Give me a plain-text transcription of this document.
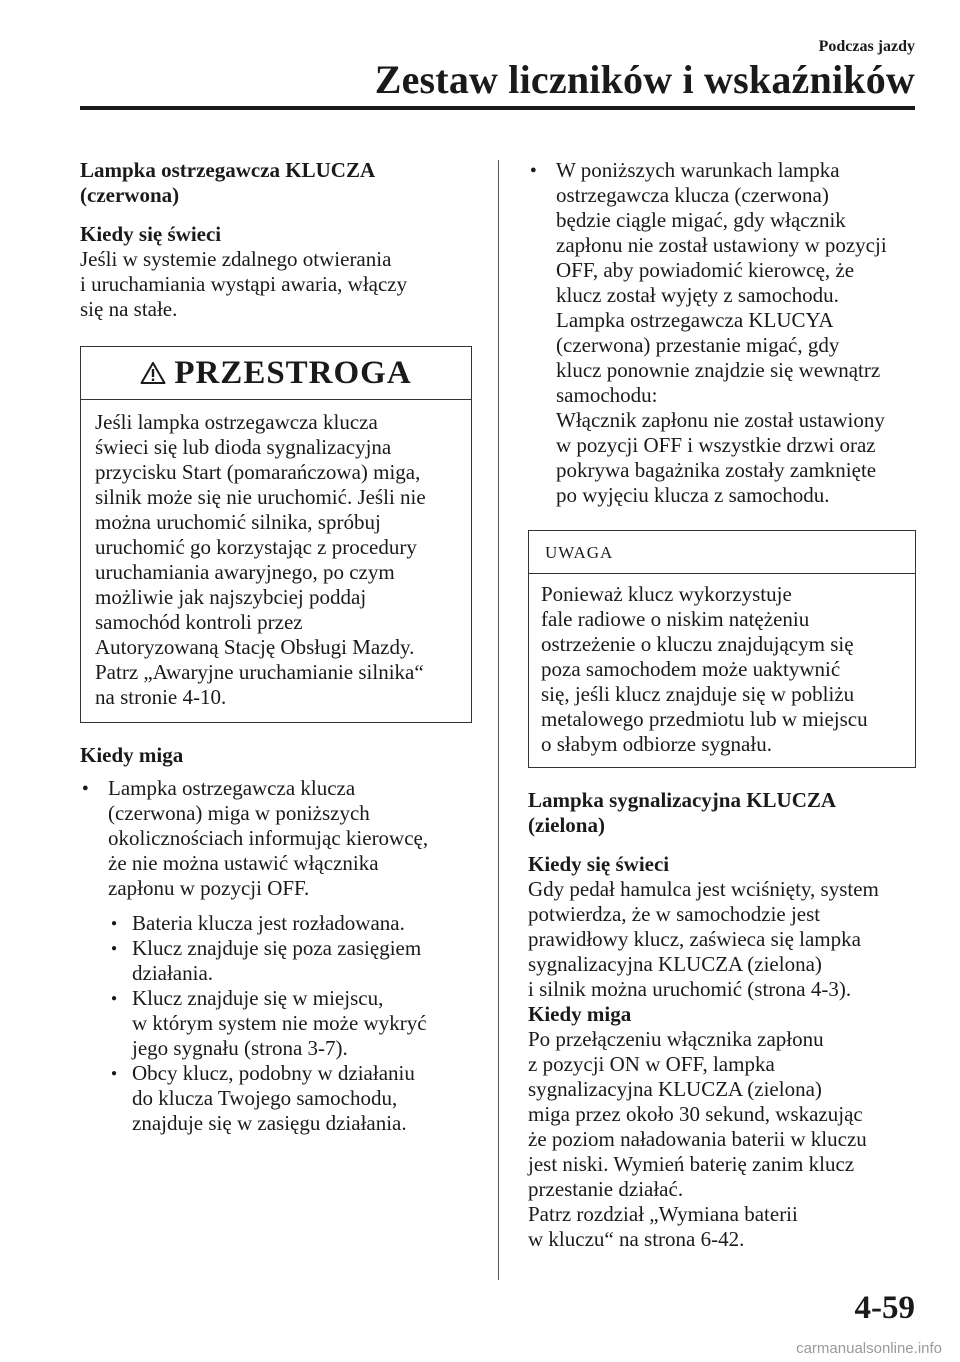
Podczas jazdy
Zestaw liczników i wskaźników
Lampka ostrzegawcza KLUCZA
(czerwona)
Kiedy się świeci
Jeśli w systemie zdalnego otwierania
i uruchamiania wystąpi awaria, włączy
się na stałe.
PRZESTROGA
Jeśli lampka ostrzegawcza klucza
świeci się lub dioda sygnalizacyjna
przycisku Start (pomarańczowa) miga,
silnik może się nie uruchomić. Jeśli nie
można uruchomić silnika, spróbuj
uruchomić go korzystając z procedury
uruchamiania awaryjnego, po czym
możliwie jak najszybciej poddaj
samochód kontroli przez
Autoryzowaną Stację Obsługi Mazdy.
Patrz „Awaryjne uruchamianie silnika“
na stronie 4-10.
Kiedy miga
● Lampka ostrzegawcza klucza
(czerwona) miga w poniższych
okolicznościach informując kierowcę,
że nie można ustawić włącznika
zapłonu w pozycji OFF.
● Bateria klucza jest rozładowana.
● Klucz znajduje się poza zasięgiem
działania.
● Klucz znajduje się w miejscu,
w którym system nie może wykryć
jego sygnału (strona 3-7).
● Obcy klucz, podobny w działaniu
do klucza Twojego samochodu,
znajduje się w zasięgu działania.
● W poniższych warunkach lampka
ostrzegawcza klucza (czerwona)
będzie ciągle migać, gdy włącznik
zapłonu nie został ustawiony w pozycji
OFF, aby powiadomić kierowcę, że
klucz został wyjęty z samochodu.
Lampka ostrzegawcza KLUCYA
(czerwona) przestanie migać, gdy
klucz ponownie znajdzie się wewnątrz
samochodu:
Włącznik zapłonu nie został ustawiony
w pozycji OFF i wszystkie drzwi oraz
pokrywa bagażnika zostały zamknięte
po wyjęciu klucza z samochodu.
UWAGA
Ponieważ klucz wykorzystuje
fale radiowe o niskim natężeniu
ostrzeżenie o kluczu znajdującym się
poza samochodem może uaktywnić
się, jeśli klucz znajduje się w pobliżu
metalowego przedmiotu lub w miejscu
o słabym odbiorze sygnału.
Lampka sygnalizacyjna KLUCZA
(zielona)
Kiedy się świeci
Gdy pedał hamulca jest wciśnięty, system
potwierdza, że w samochodzie jest
prawidłowy klucz, zaświeca się lampka
sygnalizacyjna KLUCZA (zielona)
i silnik można uruchomić (strona 4-3).
Kiedy miga
Po przełączeniu włącznika zapłonu
z pozycji ON w OFF, lampka
sygnalizacyjna KLUCZA (zielona)
miga przez około 30 sekund, wskazując
że poziom naładowania baterii w kluczu
jest niski. Wymień baterię zanim klucz
przestanie działać.
Patrz rozdział „Wymiana baterii
w kluczu“ na strona 6-42.
4-59
carmanualsonline.info
